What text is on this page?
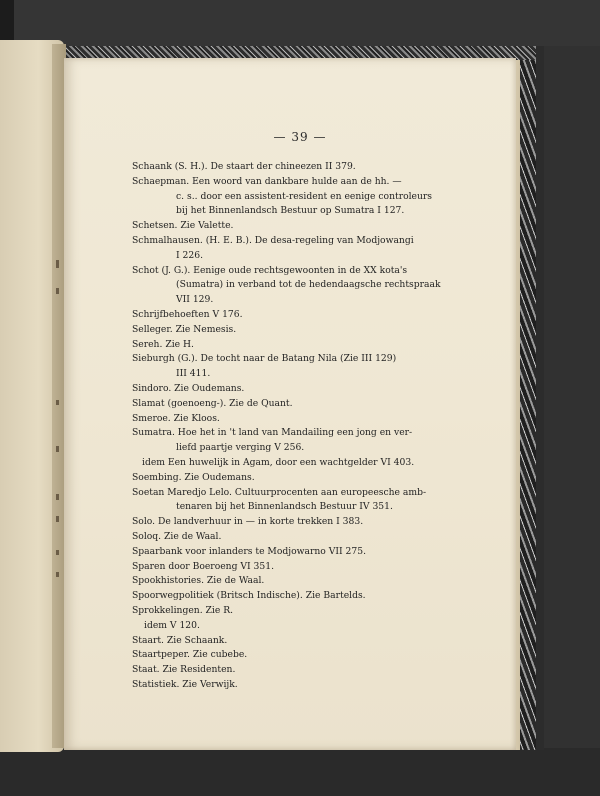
— 39 —
Schaank (S. H.). De staart der chineezen II 379.
Schaepman. Een woord van dankbare hulde aan de hh. —
c. s.. door een assistent-resident en eenige controleurs
bij het Binnenlandsch Bestuur op Sumatra I 127.
Schetsen. Zie Valette.
Schmalhausen. (H. E. B.). De desa-regeling van Modjowangi
I 226.
Schot (J. G.). Eenige oude rechtsgewoonten in de XX kota's
(Sumatra) in verband tot de hedendaagsche rechtspraak
VII 129.
Schrijfbehoeften V 176.
Selleger. Zie Nemesis.
Sereh. Zie H.
Sieburgh (G.). De tocht naar de Batang Nila (Zie III 129)
III 411.
Sindoro. Zie Oudemans.
Slamat (goenoeng-). Zie de Quant.
Smeroe. Zie Kloos.
Sumatra. Hoe het in 't land van Mandailing een jong en ver-
liefd paartje verging V 256.
idem Een huwelijk in Agam, door een wachtgelder VI 403.
Soembing. Zie Oudemans.
Soetan Maredjo Lelo. Cultuurprocenten aan europeesche amb-
tenaren bij het Binnenlandsch Bestuur IV 351.
Solo. De landverhuur in — in korte trekken I 383.
Soloq. Zie de Waal.
Spaarbank voor inlanders te Modjowarno VII 275.
Sparen door Boeroeng VI 351.
Spookhistories. Zie de Waal.
Spoorwegpolitiek (Britsch Indische). Zie Bartelds.
Sprokkelingen. Zie R.
idem V 120.
Staart. Zie Schaank.
Staartpeper. Zie cubebe.
Staat. Zie Residenten.
Statistiek. Zie Verwijk.
